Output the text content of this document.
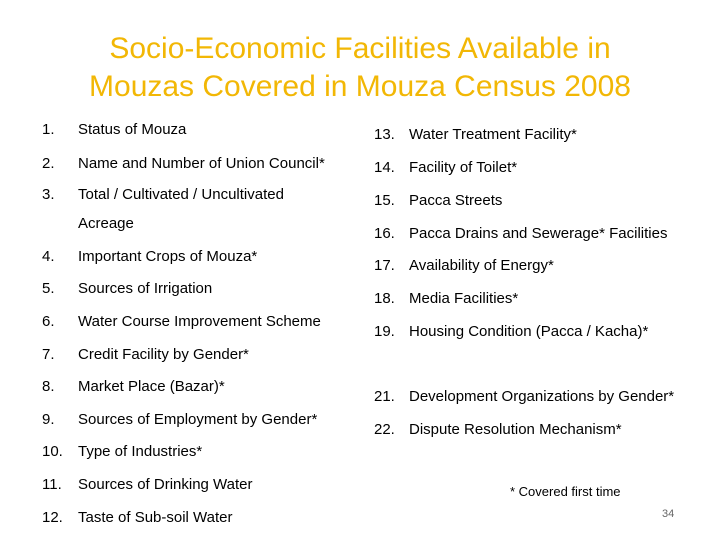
Socio-Economic Facilities Available in
Mouzas Covered in Mouza Census 2008
1. Status of Mouza
2. Name and Number of Union Council*
3. Total / Cultivated / Uncultivated
Acreage
4. Important Crops of Mouza*
5. Sources of Irrigation
6. Water Course Improvement Scheme
7. Credit Facility by Gender*
8. Market Place (Bazar)*
9. Sources of Employment by Gender*
10. Type of Industries*
11. Sources of Drinking Water
12. Taste of Sub-soil Water
13. Water Treatment Facility*
14. Facility of Toilet*
15. Pacca Streets
16. Pacca Drains and Sewerage* Facilities
17. Availability of Energy*
18. Media Facilities*
19. Housing Condition (Pacca / Kacha)*
21. Development Organizations by Gender*
22. Dispute Resolution Mechanism*
* Covered first time
34
